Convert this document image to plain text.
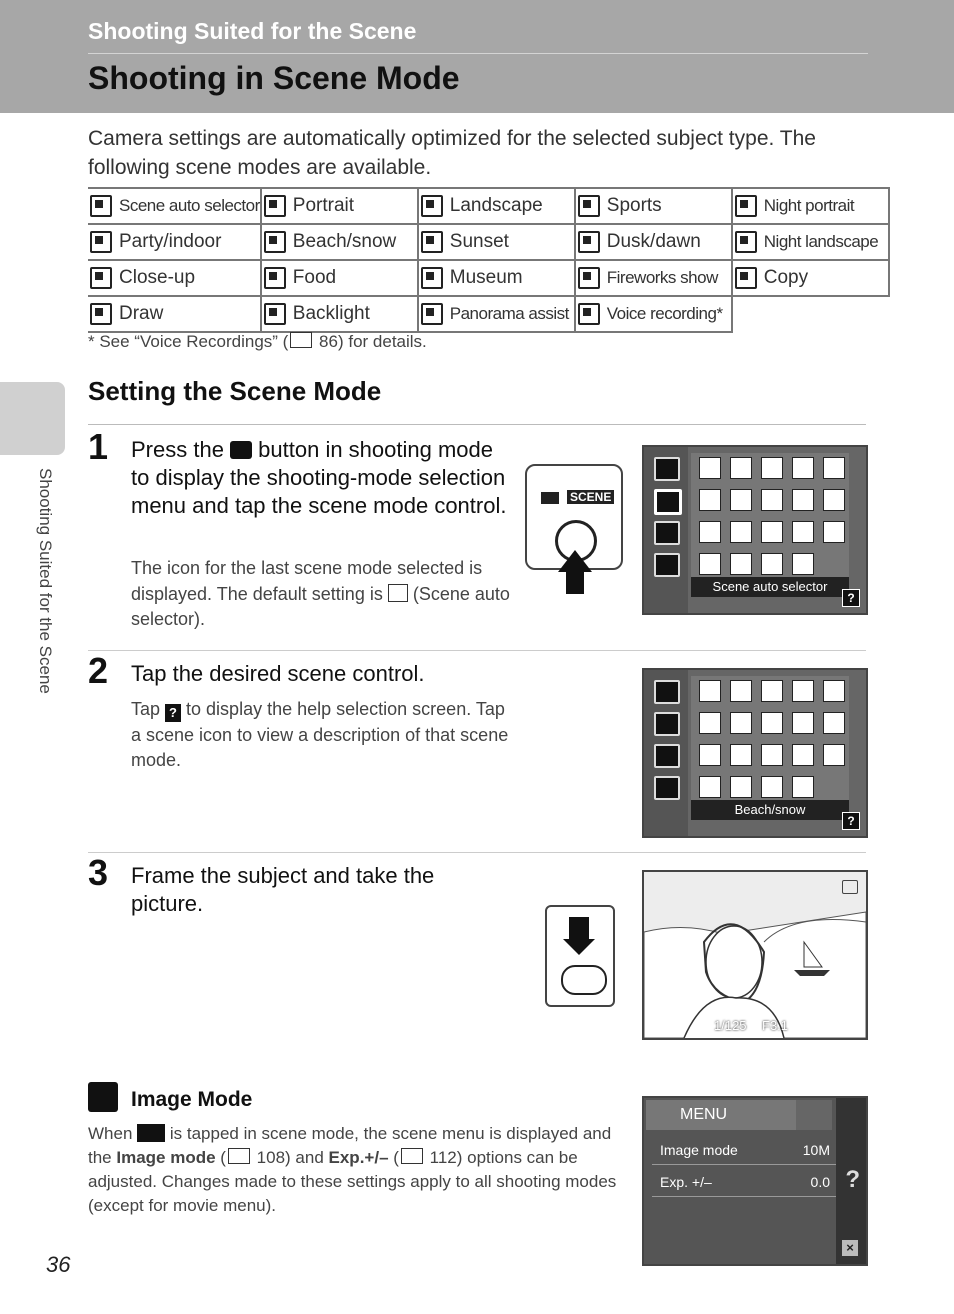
Shooting Suited for the Scene
Shooting in Scene Mode
Camera settings are automatically optimized for the selected subject type. The following scene modes are available.
Scene auto selector	Portrait	Landscape	Sports	Night portrait

Party/indoor	Beach/snow	Sunset	Dusk/dawn	Night landscape

Close-up	Food	Museum	Fireworks show	Copy

Draw	Backlight	Panorama assist	Voice recording*	

* See “Voice Recordings” ( 86) for details.
Shooting Suited for the Scene
Setting the Scene Mode
1 Press the  button in shooting mode to display the shooting-mode selection menu and tap the scene mode control.
The icon for the last scene mode selected is displayed. The default setting is  (Scene auto selector).
SCENE
Scene auto selector
?
2 Tap the desired scene control.
Tap ? to display the help selection screen. Tap a scene icon to view a description of that scene mode.
Beach/snow
?
3 Frame the subject and take the picture.
1/125 F3.1
Image Mode
When  is tapped in scene mode, the scene menu is displayed and the Image mode ( 108) and Exp.+/– ( 112) options can be adjusted. Changes made to these settings apply to all shooting modes (except for movie menu).
MENU
Image mode	10M
Exp. +/–	0.0 ?
×
36
